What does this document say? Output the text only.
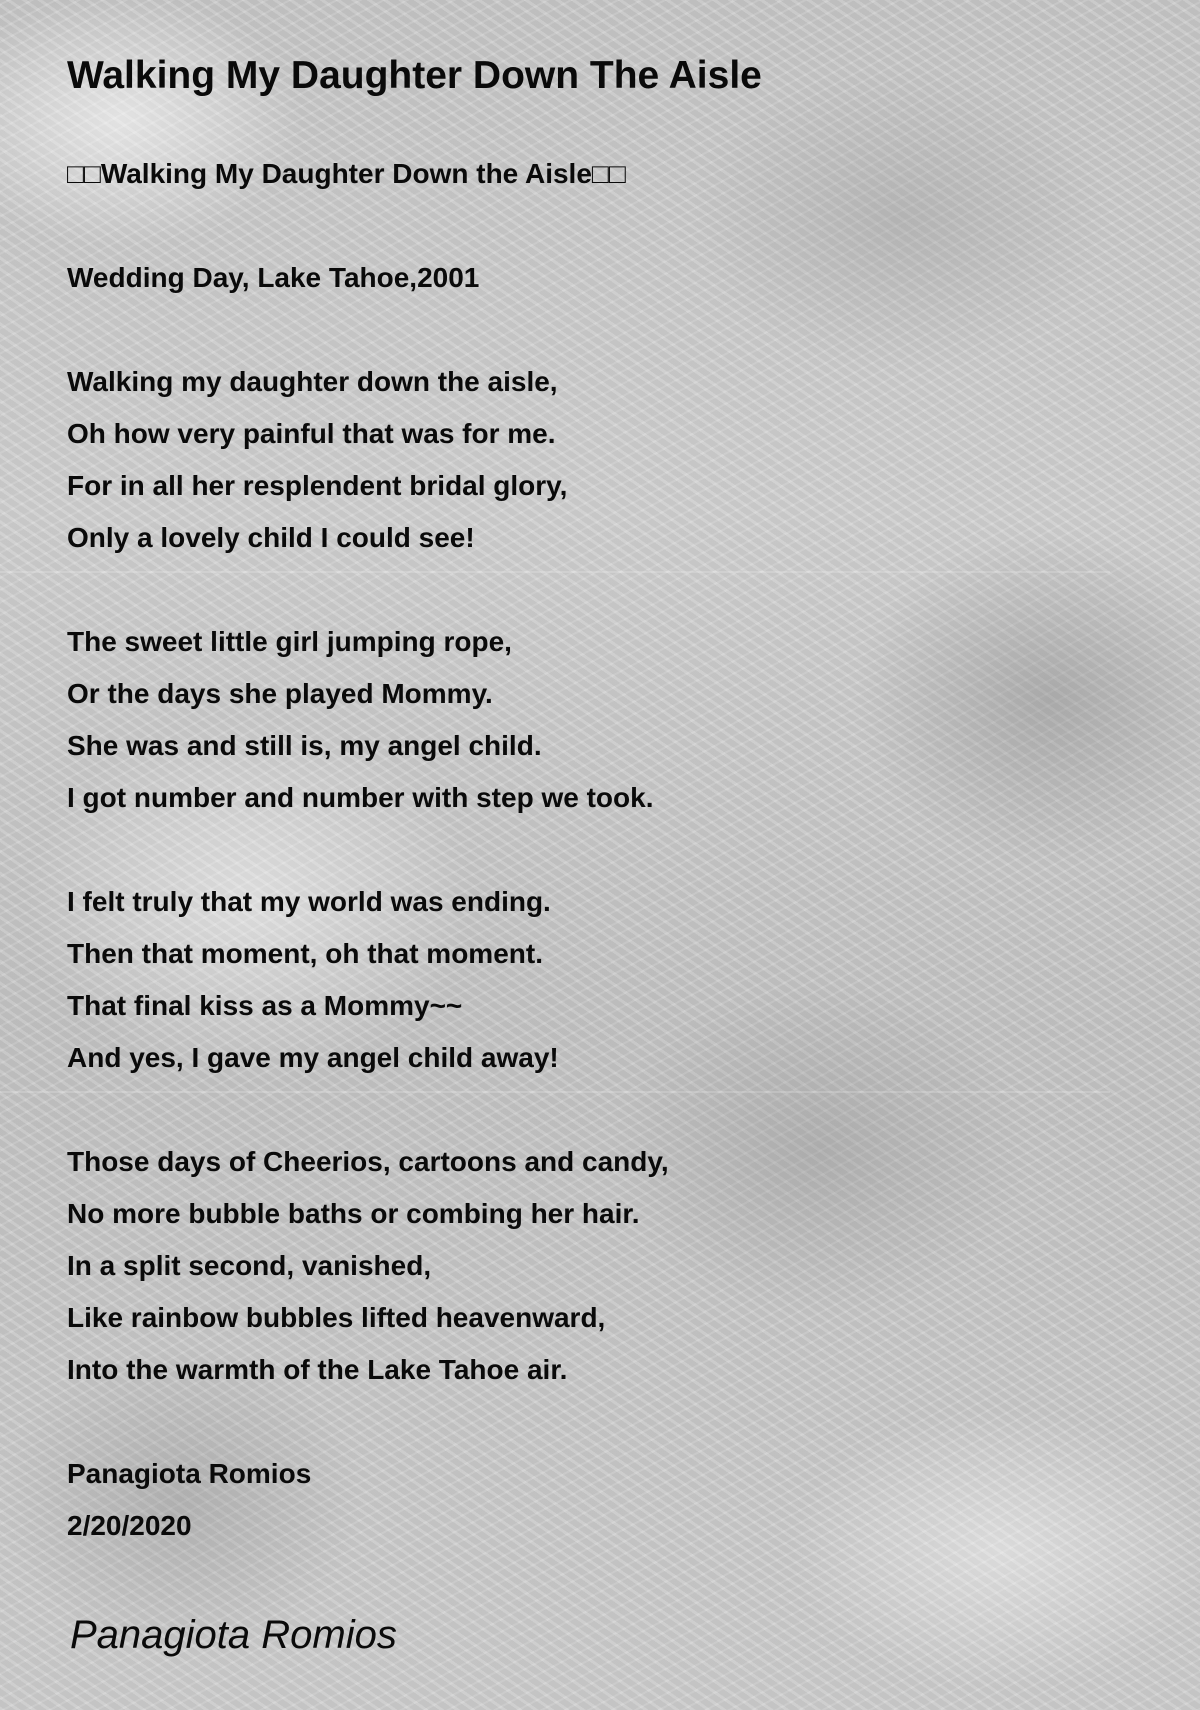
Walking My Daughter Down The Aisle
□□Walking My Daughter Down the Aisle□□
Wedding Day, Lake Tahoe,2001
Walking my daughter down the aisle,
Oh how very painful that was for me.
For in all her resplendent bridal glory,
Only a lovely child I could see!
The sweet little girl jumping rope,
Or the days she played Mommy.
She was and still is, my angel child.
I got number and number with step we took.
I felt truly that my world was ending.
Then that moment, oh that moment.
That final kiss as a Mommy~~
And yes, I gave my angel child away!
Those days of Cheerios, cartoons and candy,
No more bubble baths or combing her hair.
In a split second, vanished,
Like rainbow bubbles lifted heavenward,
Into the warmth of the Lake Tahoe air.
Panagiota Romios
2/20/2020
Panagiota Romios
